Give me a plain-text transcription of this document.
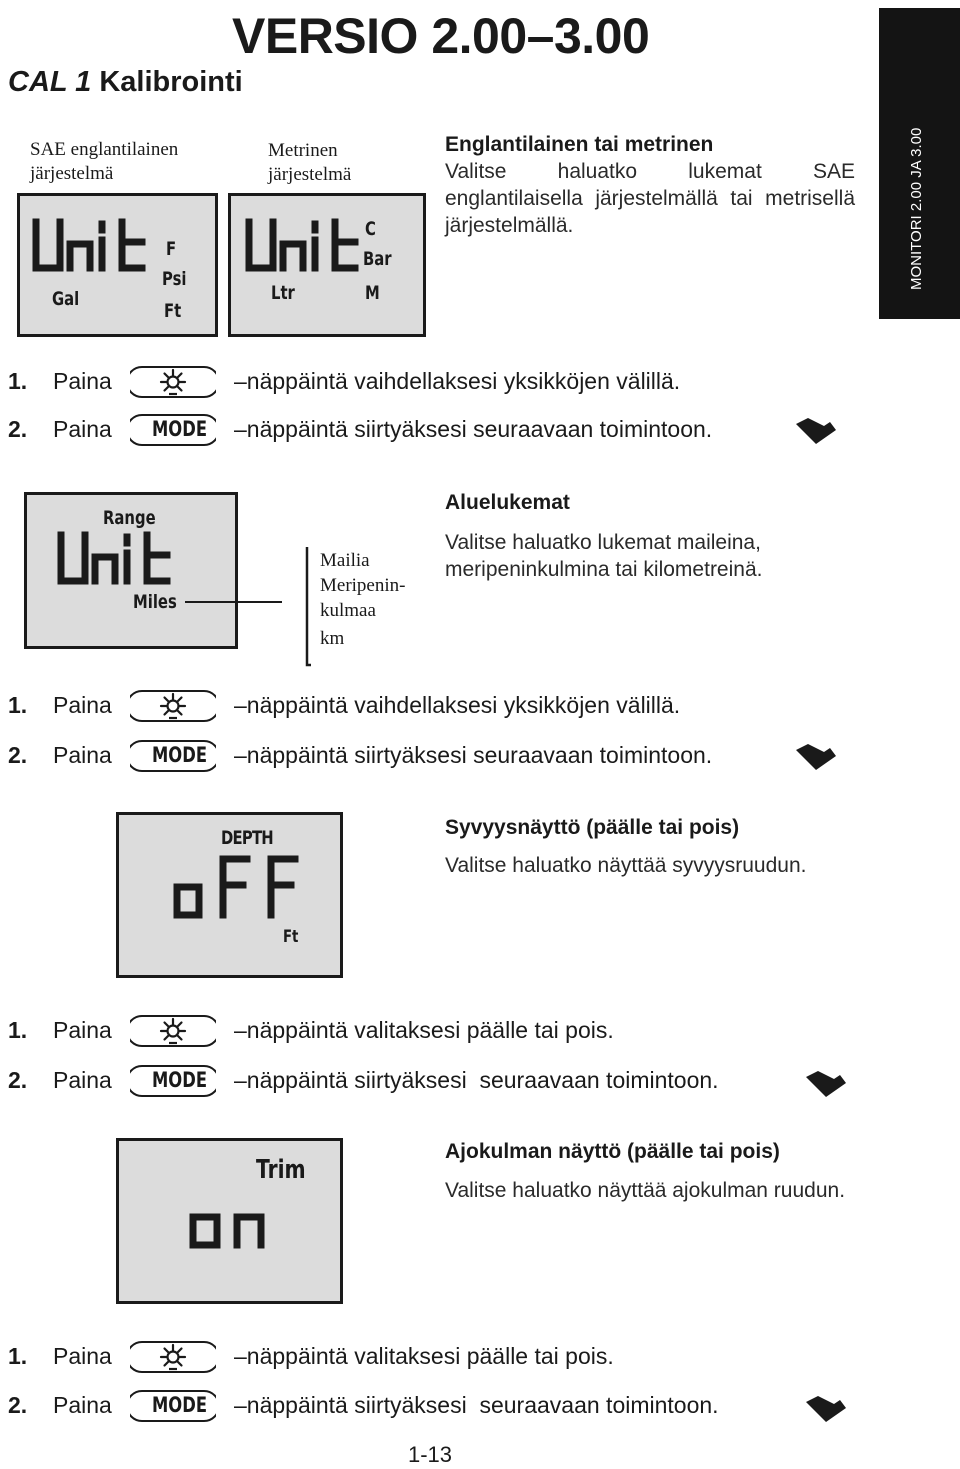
VERSIO 2.00–3.00
CAL 1 Kalibrointi
MONITORI 2.00 JA 3.00
SAE englantilainen
järjestelmä
Metrinen
järjestelmä
F
Psi
Ft
Gal
C
Bar
M
Ltr
Englantilainen tai metrinen
Valitse haluatko lukemat SAE englantilaisella järjestelmällä tai metrisellä järjestelmällä.
1. Paina	–näppäintä vaihdellaksesi yksikköjen välillä.
2. Paina MODE –näppäintä siirtyäksesi seuraavaan toimintoon.
Range
Miles
Mailia
Meripenin-
kulmaa
km
Aluelukemat
Valitse haluatko lukemat maileina, meripeninkulmina tai kilometreinä.
1. Paina	–näppäintä vaihdellaksesi yksikköjen välillä.
2. Paina MODE –näppäintä siirtyäksesi seuraavaan toimintoon.
DEPTH
Ft
Syvyysnäyttö (päälle tai pois)
Valitse haluatko näyttää syvyysruudun.
1. Paina	–näppäintä valitaksesi päälle tai pois.
2. Paina MODE –näppäintä siirtyäksesi  seuraavaan toimintoon.
Trim
Ajokulman näyttö (päälle tai pois)
Valitse haluatko näyttää ajokulman ruudun.
1. Paina	–näppäintä valitaksesi päälle tai pois.
2. Paina MODE –näppäintä siirtyäksesi  seuraavaan toimintoon.
1-13
